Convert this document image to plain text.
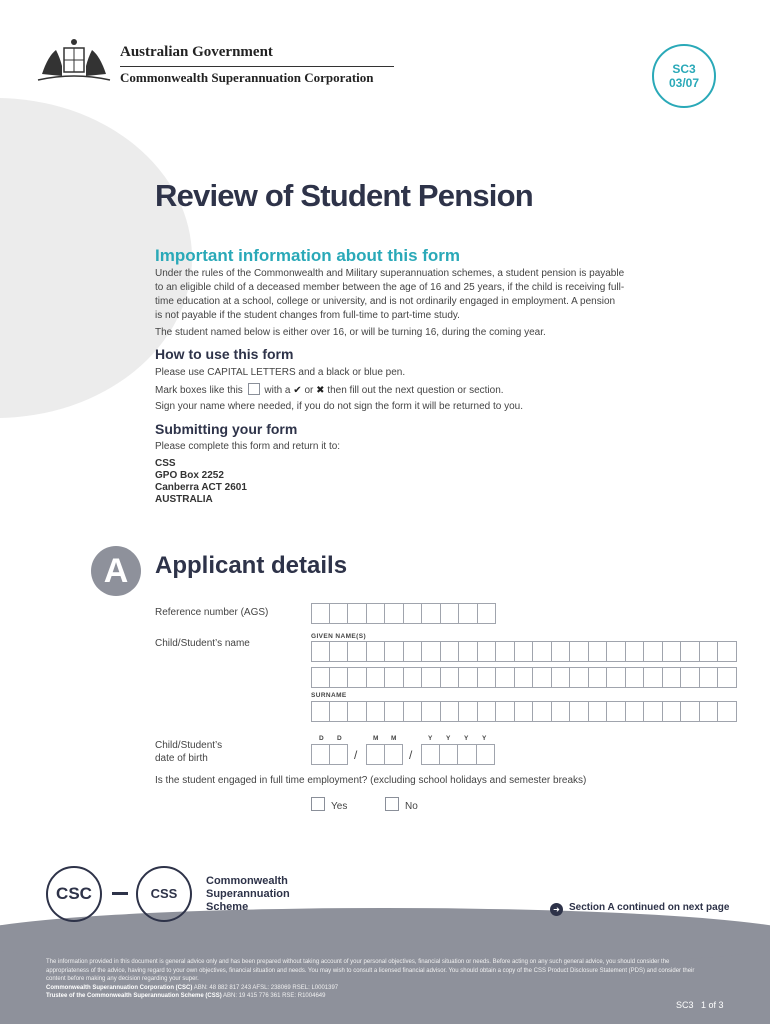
Australian Government
Commonwealth Superannuation Corporation
SC3
03/07
Review of Student Pension
Important information about this form
Under the rules of the Commonwealth and Military superannuation schemes, a student pension is payable to an eligible child of a deceased member between the age of 16 and 25 years, if the child is receiving full-time education at a school, college or university, and is not ordinarily engaged in employment. A pension is not payable if the student changes from full-time to part-time study.
The student named below is either over 16, or will be turning 16, during the coming year.
How to use this form
Please use CAPITAL LETTERS and a black or blue pen.
Mark boxes like this with a ✔ or ✖ then fill out the next question or section.
Sign your name where needed, if you do not sign the form it will be returned to you.
Submitting your form
Please complete this form and return it to:
CSS
GPO Box 2252
Canberra ACT 2601
AUSTRALIA
A	Applicant details
Reference number (AGS)
Child/Student’s name
GIVEN NAME(S)
SURNAME
Child/Student’s
date of birth
D D	M M	Y Y Y Y
/	/
Is the student engaged in full time employment? (excluding school holidays and semester breaks)
Yes	No
CSC	CSS
Commonwealth
Superannuation
Scheme	➜ Section A continued on next page
The information provided in this document is general advice only and has been prepared without taking account of your personal objectives, financial situation or needs. Before acting on any such general advice, you should consider the appropriateness of the advice, having regard to your own objectives, financial situation and needs. You may wish to consult a licensed financial advisor. You should obtain a copy of the CSS Product Disclosure Statement (PDS) and consider their content before making any decision regarding your super.
Commonwealth Superannuation Corporation (CSC) ABN: 48 882 817 243 AFSL: 238069 RSEL: L0001397
Trustee of the Commonwealth Superannuation Scheme (CSS) ABN: 19 415 776 361 RSE: R1004649
SC3 1 of 3
